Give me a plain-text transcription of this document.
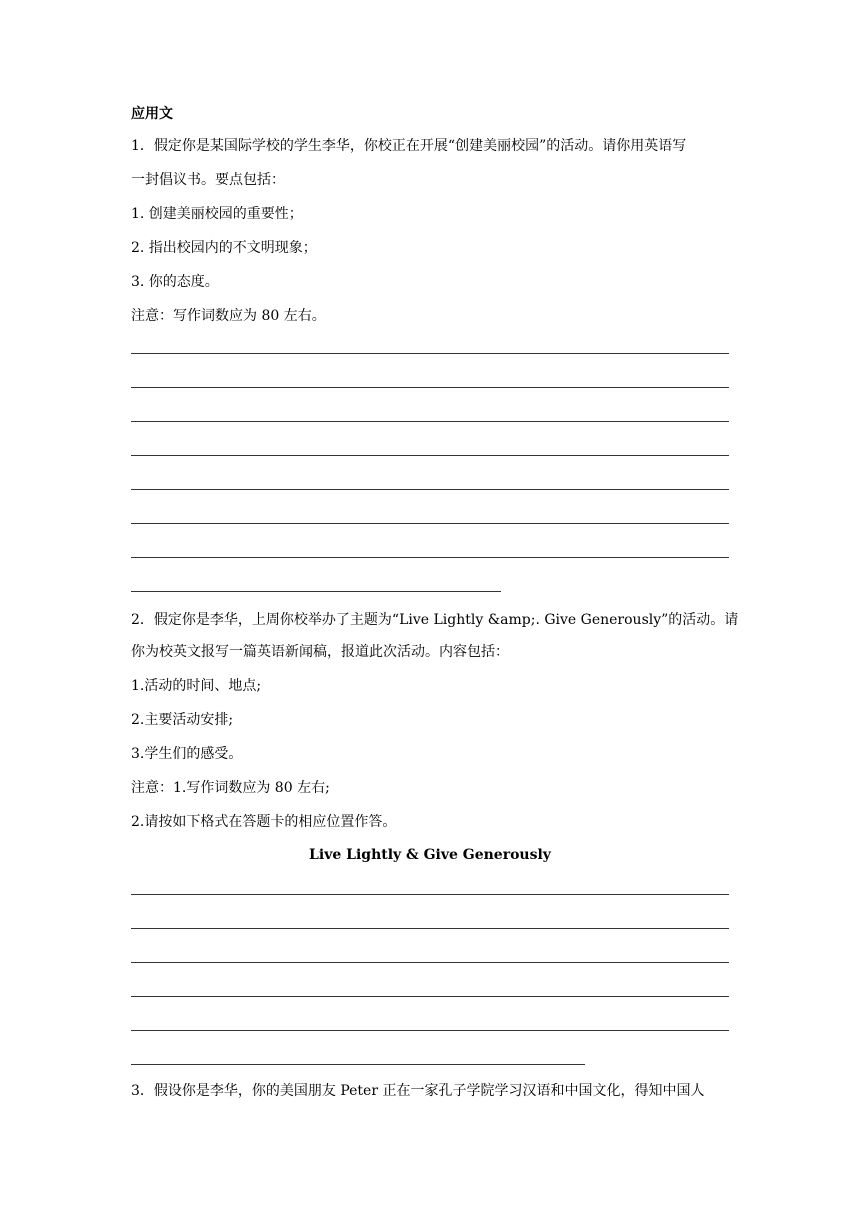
应用文
1．假定你是某国际学校的学生李华，你校正在开展“创建美丽校园”的活动。请你用英语写
一封倡议书。要点包括：
1. 创建美丽校园的重要性；
2. 指出校园内的不文明现象；
3. 你的态度。
注意：写作词数应为 80 左右。
2．假定你是李华，上周你校举办了主题为“Live Lightly &amp;. Give Generously”的活动。请
你为校英文报写一篇英语新闻稿，报道此次活动。内容包括：
1.活动的时间、地点;
2.主要活动安排;
3.学生们的感受。
注意：1.写作词数应为 80 左右;
2.请按如下格式在答题卡的相应位置作答。
Live Lightly & Give Generously
3．假设你是李华，你的美国朋友 Peter 正在一家孔子学院学习汉语和中国文化，得知中国人
